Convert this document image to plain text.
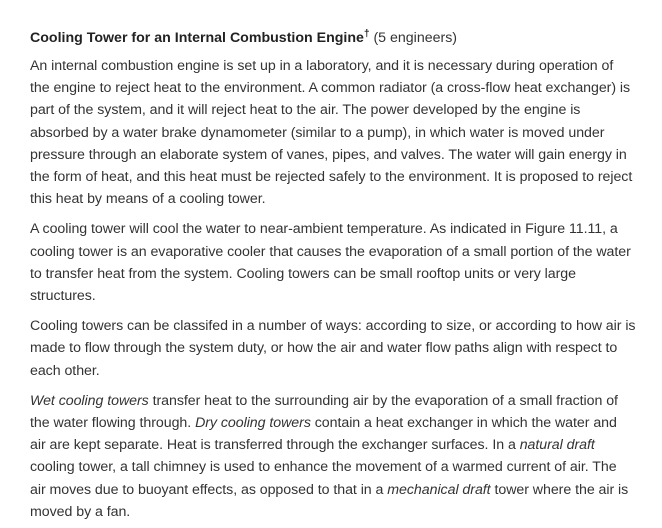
Cooling Tower for an Internal Combustion Engine† (5 engineers)

An internal combustion engine is set up in a laboratory, and it is necessary during operation of the engine to reject heat to the environment. A common radiator (a cross-flow heat exchanger) is part of the system, and it will reject heat to the air. The power developed by the engine is absorbed by a water brake dynamometer (similar to a pump), in which water is moved under pressure through an elaborate system of vanes, pipes, and valves. The water will gain energy in the form of heat, and this heat must be rejected safely to the environment. It is proposed to reject this heat by means of a cooling tower.

A cooling tower will cool the water to near-ambient temperature. As indicated in Figure 11.11, a cooling tower is an evaporative cooler that causes the evaporation of a small portion of the water to transfer heat from the system. Cooling towers can be small rooftop units or very large structures.

Cooling towers can be classifed in a number of ways: according to size, or according to how air is made to flow through the system duty, or how the air and water flow paths align with respect to each other.

Wet cooling towers transfer heat to the surrounding air by the evaporation of a small fraction of the water flowing through. Dry cooling towers contain a heat exchanger in which the water and air are kept separate. Heat is transferred through the exchanger surfaces. In a natural draft cooling tower, a tall chimney is used to enhance the movement of a warmed current of air. The air moves due to buoyant effects, as opposed to that in a mechanical draft tower where the air is moved by a fan.
